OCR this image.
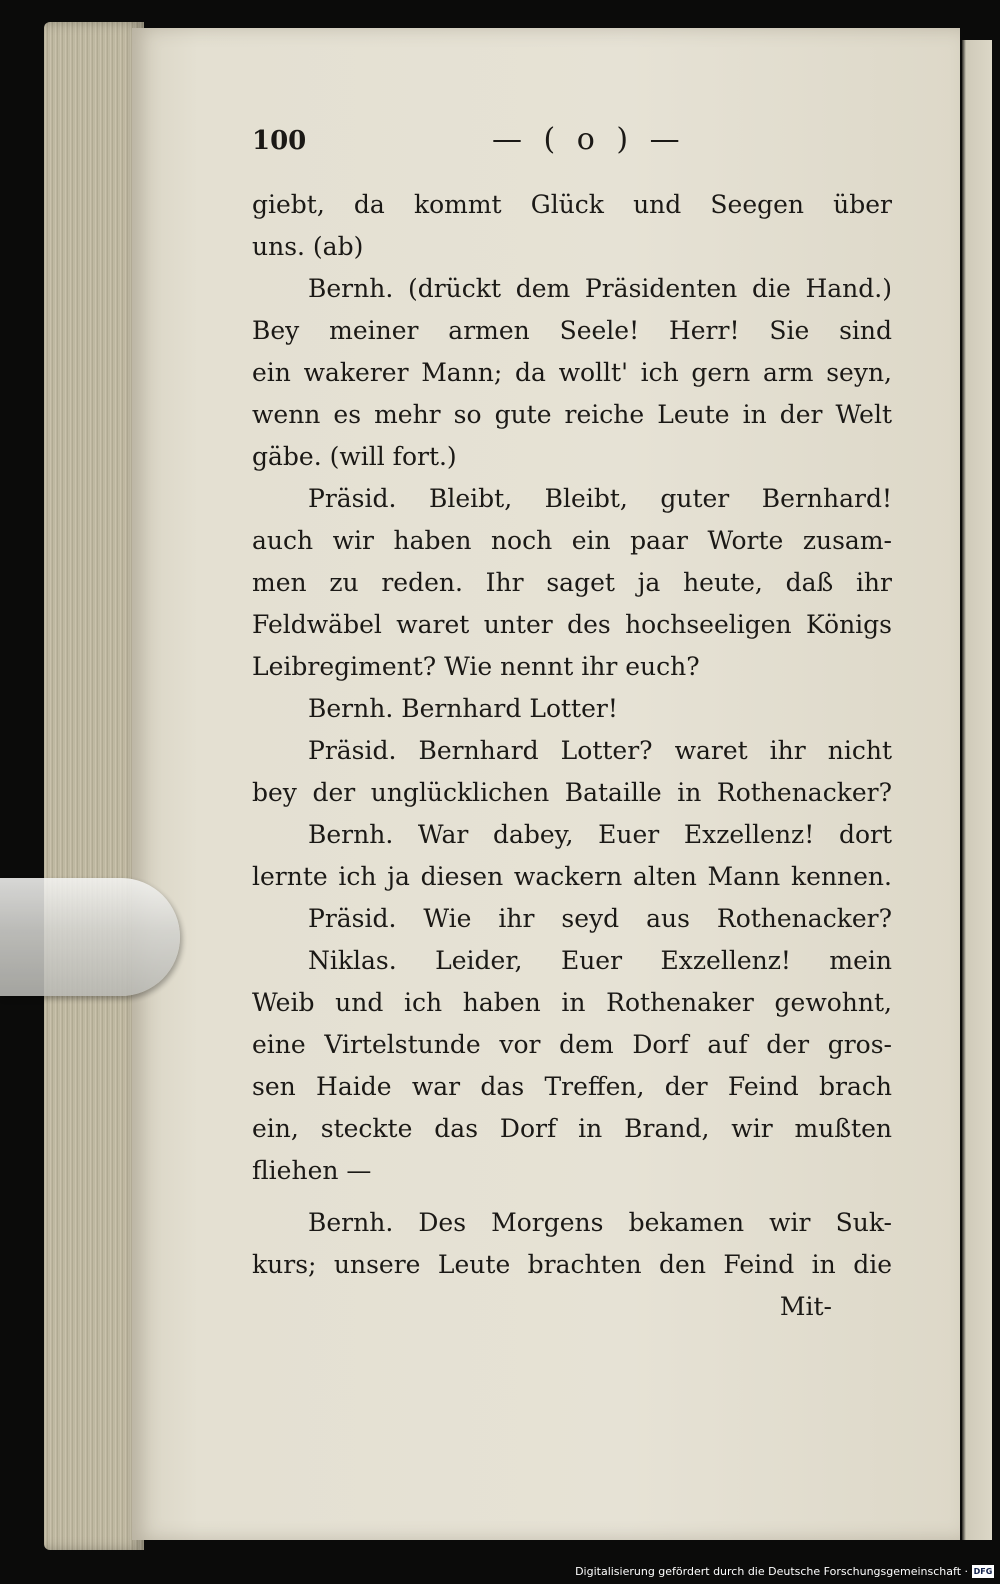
100	— ( o ) —
giebt, da kommt Glück und Seegen über
uns. (ab)
Bernh. (drückt dem Präsidenten die Hand.)
Bey meiner armen Seele! Herr! Sie sind
ein wakerer Mann; da wollt' ich gern arm seyn,
wenn es mehr so gute reiche Leute in der Welt
gäbe. (will fort.)
Präsid. Bleibt, Bleibt, guter Bernhard!
auch wir haben noch ein paar Worte zusam-
men zu reden. Ihr saget ja heute, daß ihr
Feldwäbel waret unter des hochseeligen Königs
Leibregiment? Wie nennt ihr euch?
Bernh. Bernhard Lotter!
Präsid. Bernhard Lotter? waret ihr nicht
bey der unglücklichen Bataille in Rothenacker?
Bernh. War dabey, Euer Exzellenz! dort
lernte ich ja diesen wackern alten Mann kennen.
Präsid. Wie ihr seyd aus Rothenacker?
Niklas. Leider, Euer Exzellenz! mein
Weib und ich haben in Rothenaker gewohnt,
eine Virtelstunde vor dem Dorf auf der gros-
sen Haide war das Treffen, der Feind brach
ein, steckte das Dorf in Brand, wir mußten
fliehen —
Bernh. Des Morgens bekamen wir Suk-
kurs; unsere Leute brachten den Feind in die
Mit-
Digitalisierung gefördert durch die Deutsche Forschungsgemeinschaft · DFG
